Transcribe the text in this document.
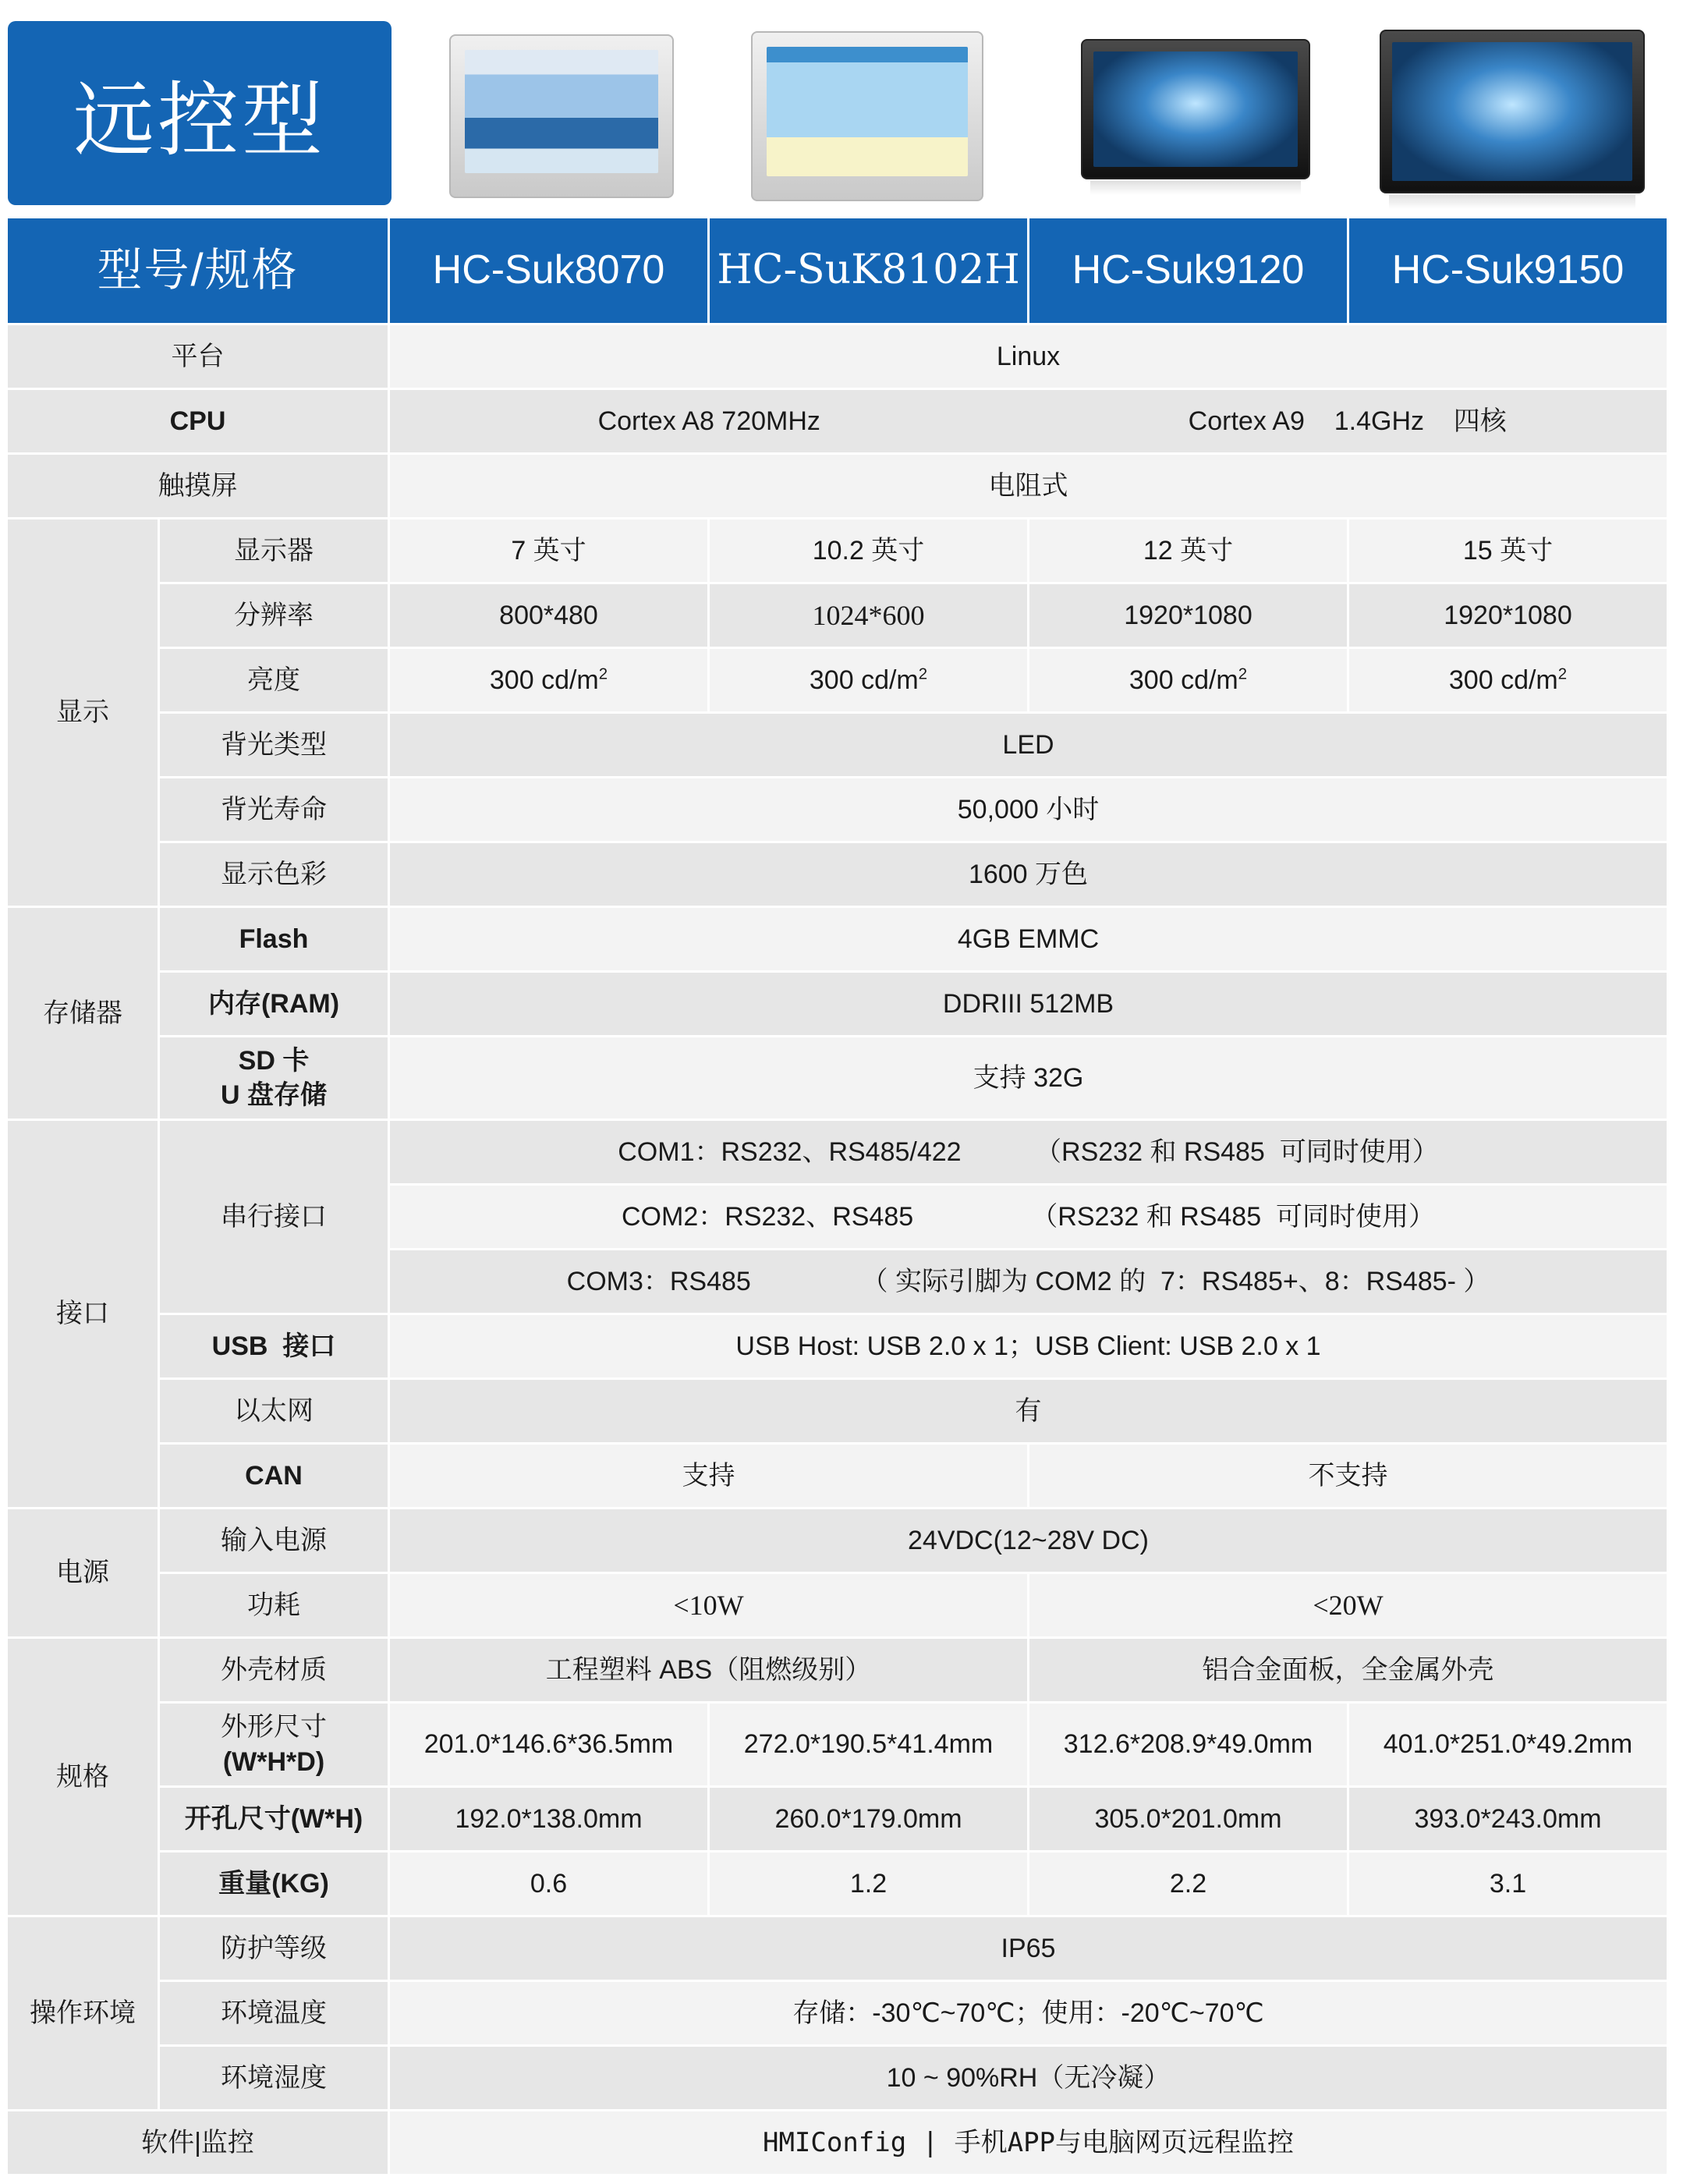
远控型
型号/规格		HC-Suk8070	HC-SuK8102H	HC-Suk9120	HC-Suk9150
平台		Linux			
CPU		Cortex A8 720MHz Cortex A9    1.4GHz    四核			

触摸屏		电阻式			
显示	显示器	7 英寸	10.2 英寸	12 英寸	15 英寸
	分辨率	800*480	1024*600	1920*1080	1920*1080
	亮度	300 $cd/m^2$	300 $cd/m^2$	300 $cd/m^2$	300 $cd/m^2$
	背光类型	LED			
	背光寿命	50,000 小时			
	显示色彩	1600 万色			
存储器	Flash	4GB EMMC			
	内存(RAM)	DDRIII 512MB			

	SD 卡
U 盘存储	支持 32G			
接口	串行接口	COM1：RS232、RS485/422          （RS232 和 RS485  可同时使用）			

		COM2：RS232、RS485                （RS232 和 RS485  可同时使用）			

		COM3：RS485               （ 实际引脚为 COM2 的  7：RS485+、8：RS485- ）			

	USB  接口	USB Host: USB 2.0 x 1；USB Client: USB 2.0 x 1			
	以太网	有			
	CAN	支持		不支持	
电源	输入电源	24VDC(12~28V DC)			
	功耗	<10W		<20W	
规格	外壳材质	工程塑料 ABS（阻燃级别）		铝合金面板，全金属外壳	

	外形尺寸
(W*H*D)	201.0*146.6*36.5mm	272.0*190.5*41.4mm	312.6*208.9*49.0mm	401.0*251.0*49.2mm
	开孔尺寸(W*H)	192.0*138.0mm	260.0*179.0mm	305.0*201.0mm	393.0*243.0mm
	重量(KG)	0.6	1.2	2.2	3.1
操作环境	防护等级	IP65			
	环境温度	存储：-30℃~70℃；使用：-20℃~70℃			
	环境湿度	10 ~ 90%RH（无冷凝）			
软件|监控		HMIConfig | 手机APP与电脑网页远程监控			
